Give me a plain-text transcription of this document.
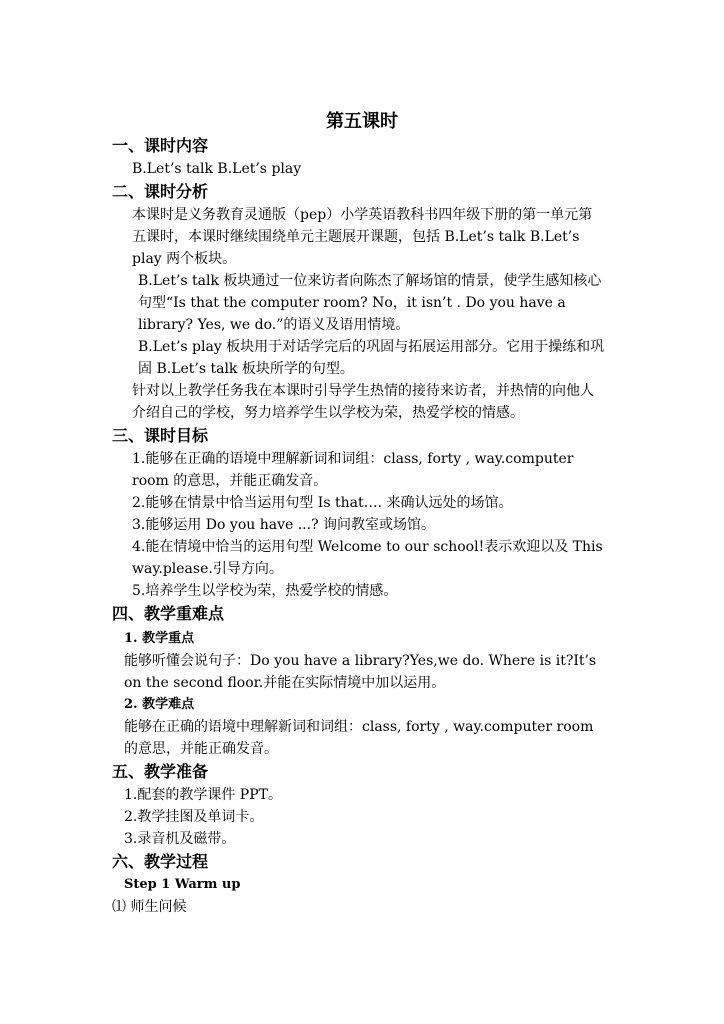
第五课时

一、课时内容

B.Let’s talk B.Let’s play

二、课时分析

本课时是义务教育灵通版（pep）小学英语教科书四年级下册的第一单元第五课时，本课时继续围绕单元主题展开课题，包括 B.Let’s talk B.Let’s play 两个板块。

B.Let’s talk 板块通过一位来访者向陈杰了解场馆的情景，使学生感知核心句型“Is that the computer room? No，it isn’t . Do you have a library? Yes, we do.”的语义及语用情境。

B.Let’s play 板块用于对话学完后的巩固与拓展运用部分。它用于操练和巩固 B.Let’s talk 板块所学的句型。

针对以上教学任务我在本课时引导学生热情的接待来访者，并热情的向他人介绍自己的学校，努力培养学生以学校为荣，热爱学校的情感。

三、课时目标

1.能够在正确的语境中理解新词和词组：class, forty , way.computer room 的意思，并能正确发音。

2.能够在情景中恰当运用句型 Is that…. 来确认远处的场馆。

3.能够运用 Do you have ...? 询问教室或场馆。

4.能在情境中恰当的运用句型 Welcome to our school!表示欢迎以及 This way.please.引导方向。

5.培养学生以学校为荣，热爱学校的情感。

四、教学重难点

1. 教学重点

能够听懂会说句子：Do you have a library?Yes,we do. Where is it?It’s on the second floor.并能在实际情境中加以运用。

2. 教学难点

能够在正确的语境中理解新词和词组：class, forty , way.computer room 的意思，并能正确发音。

五、教学准备

1.配套的教学课件 PPT。

2.教学挂图及单词卡。

3.录音机及磁带。

六、教学过程

Step 1 Warm up

⑴ 师生问候
